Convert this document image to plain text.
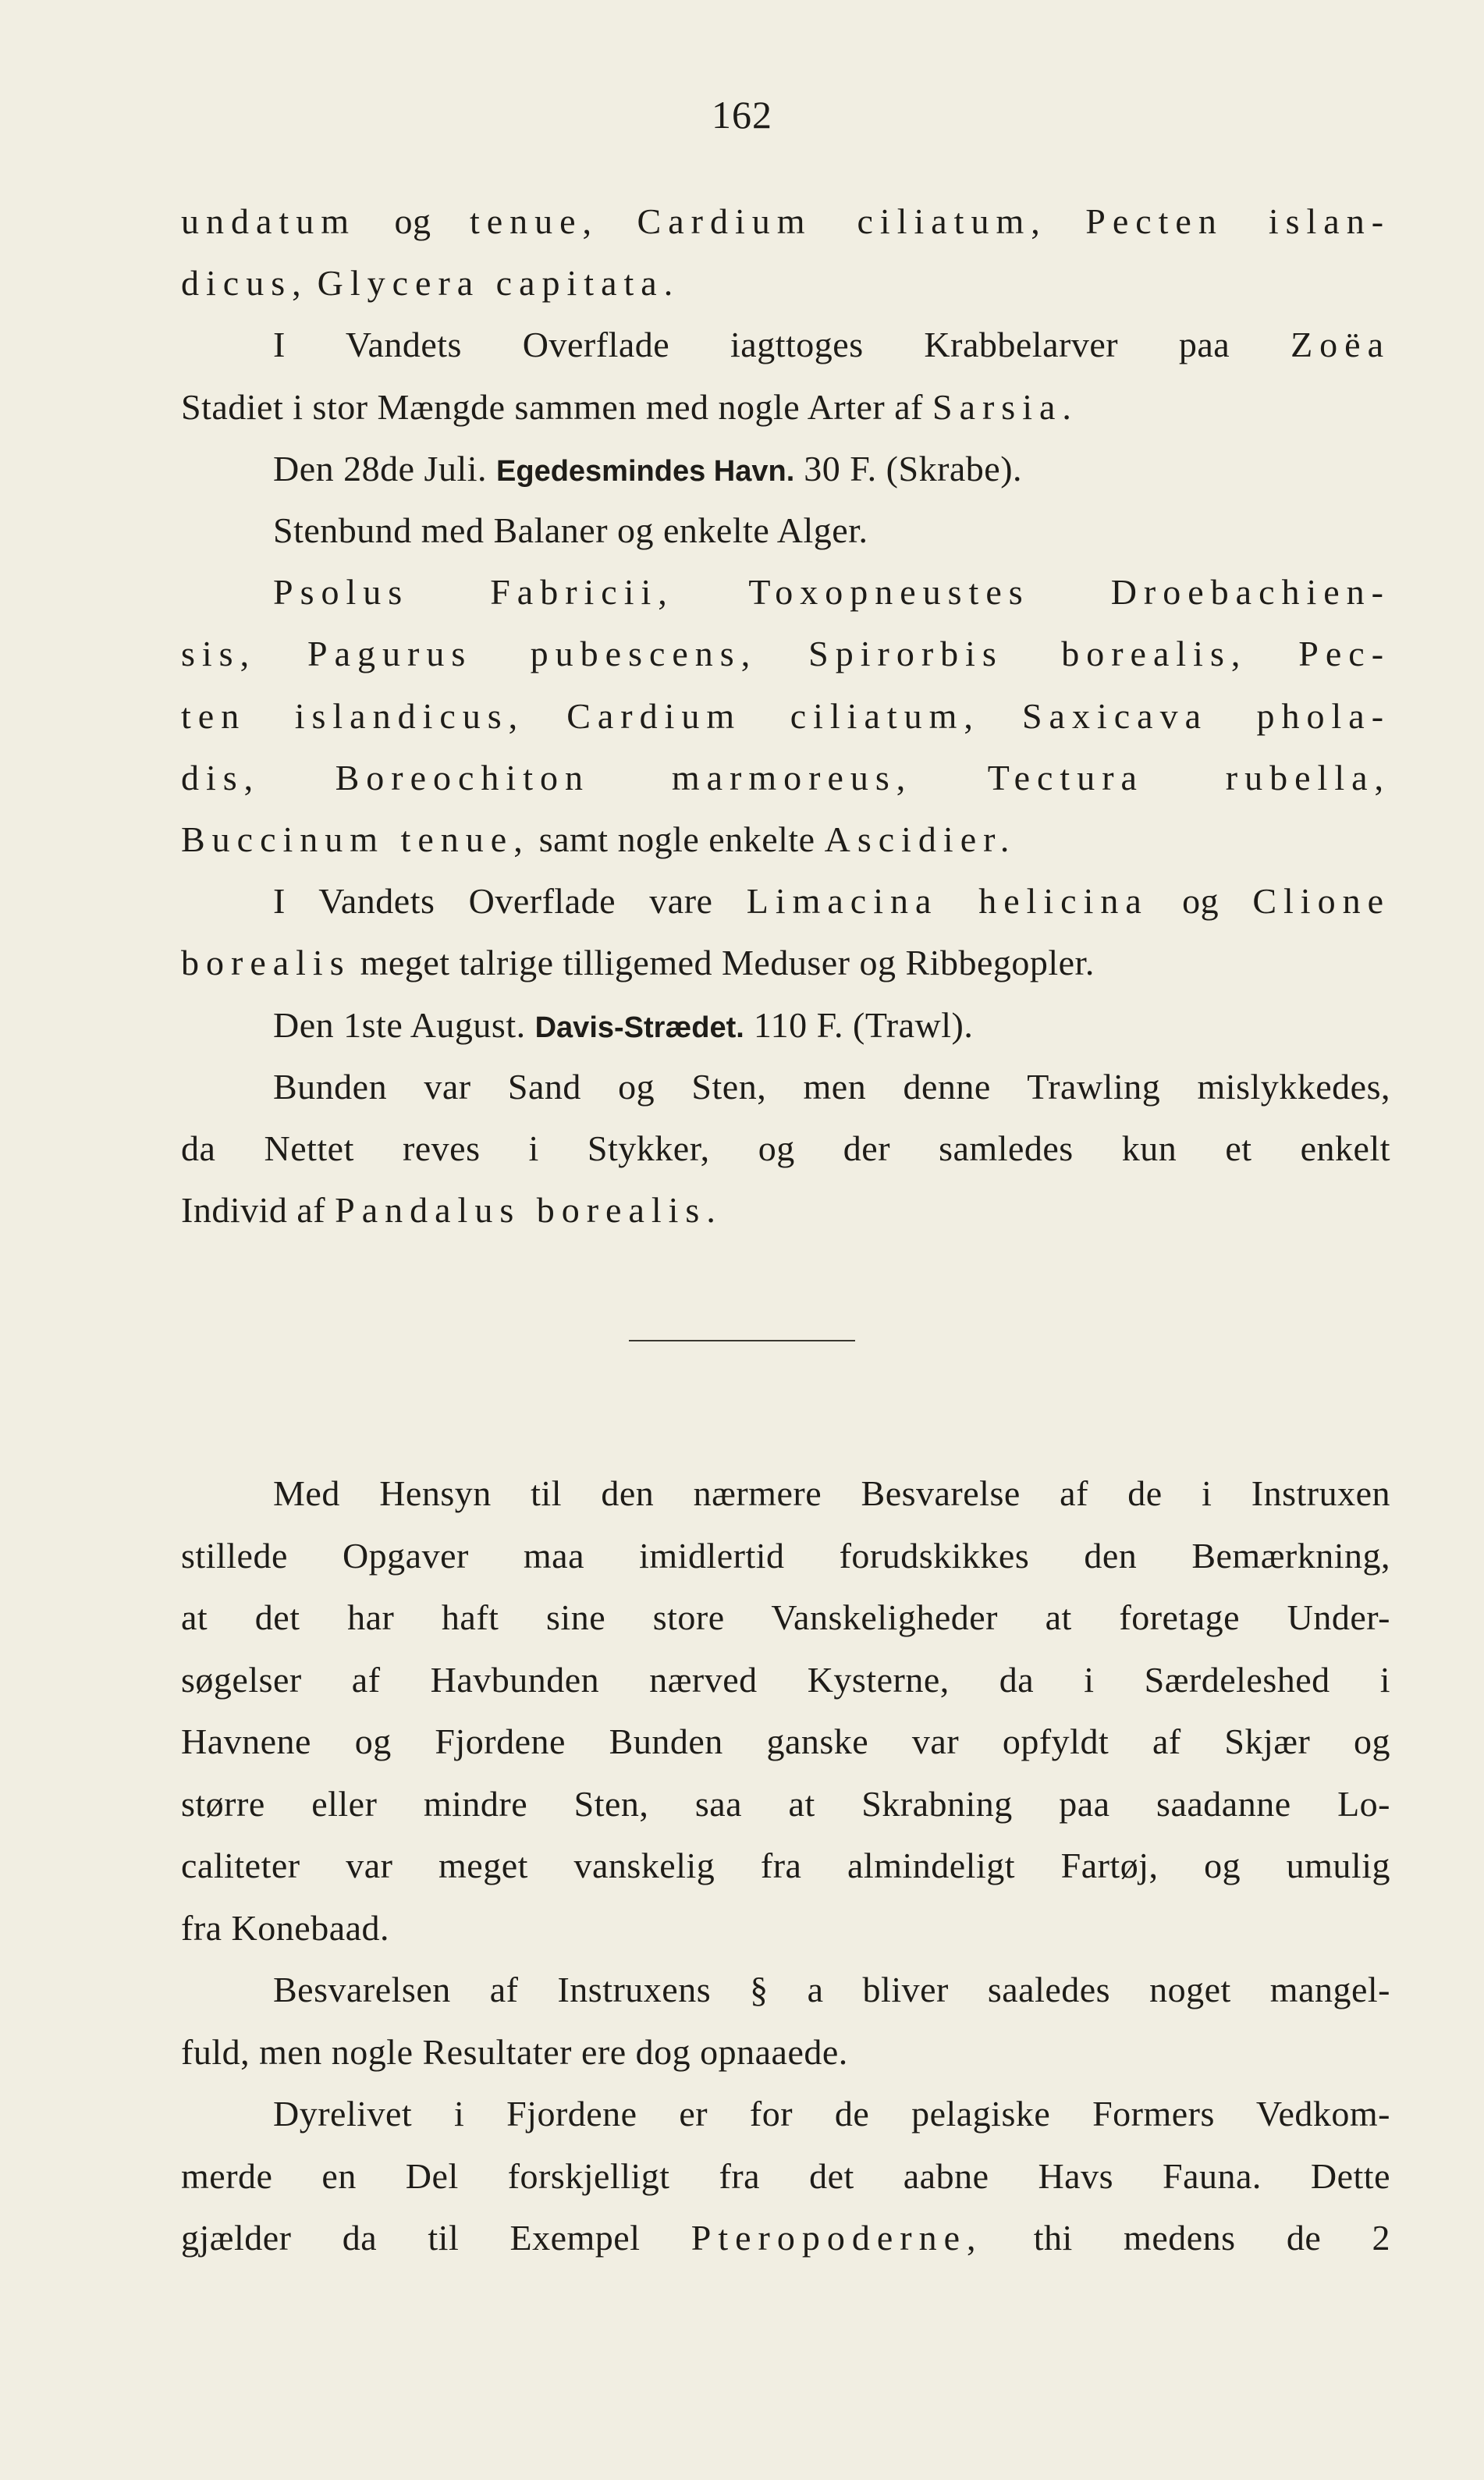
162
undatum og tenue, Cardium ciliatum, Pecten islan-
dicus, Glycera capitata.
I Vandets Overflade iagttoges Krabbelarver paa Zoëa
Stadiet i stor Mængde sammen med nogle Arter af Sarsia.
Den 28de Juli. Egedesmindes Havn. 30 F. (Skrabe).
Stenbund med Balaner og enkelte Alger.
Psolus Fabricii, Toxopneustes Droebachien-
sis, Pagurus pubescens, Spirorbis borealis, Pec-
ten islandicus, Cardium ciliatum, Saxicava phola-
dis, Boreochiton marmoreus, Tectura rubella,
Buccinum tenue, samt nogle enkelte Ascidier.
I Vandets Overflade vare Limacina helicina og Clione
borealis meget talrige tilligemed Meduser og Ribbegopler.
Den 1ste August. Davis-Strædet. 110 F. (Trawl).
Bunden var Sand og Sten, men denne Trawling mislykkedes,
da Nettet reves i Stykker, og der samledes kun et enkelt
Individ af Pandalus borealis.
Med Hensyn til den nærmere Besvarelse af de i Instruxen
stillede Opgaver maa imidlertid forudskikkes den Bemærkning,
at det har haft sine store Vanskeligheder at foretage Under-
søgelser af Havbunden nærved Kysterne, da i Særdeleshed i
Havnene og Fjordene Bunden ganske var opfyldt af Skjær og
større eller mindre Sten, saa at Skrabning paa saadanne Lo-
caliteter var meget vanskelig fra almindeligt Fartøj, og umulig
fra Konebaad.
Besvarelsen af Instruxens § a bliver saaledes noget mangel-
fuld, men nogle Resultater ere dog opnaaede.
Dyrelivet i Fjordene er for de pelagiske Formers Vedkom-
merde en Del forskjelligt fra det aabne Havs Fauna. Dette
gjælder da til Exempel Pteropoderne, thi medens de 2
